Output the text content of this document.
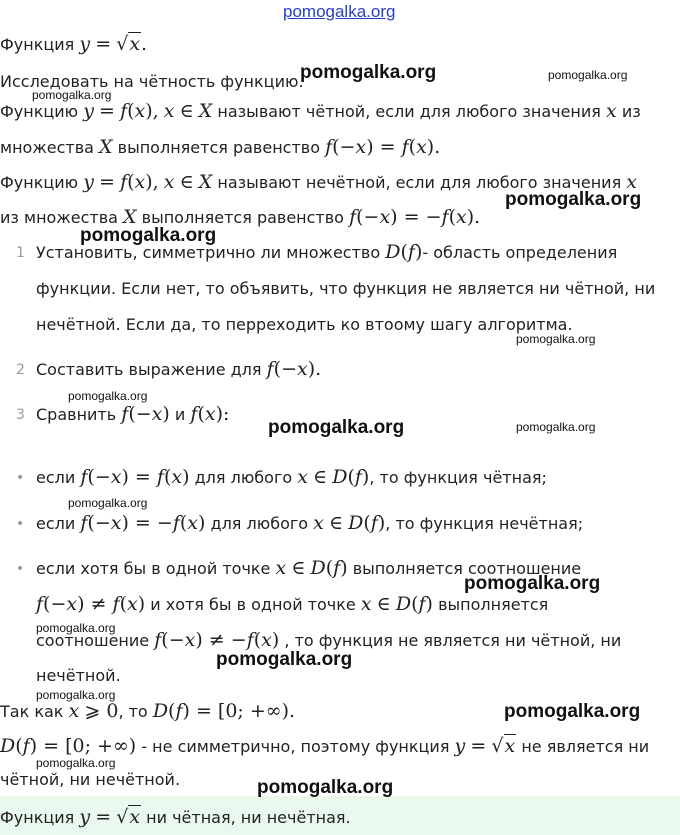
pomogalka.org
Функция y = √x.
Исследовать на чётность функцию.
Функцию y = f(x), x ∈ X называют чётной, если для любого значения x из
множества X выполняется равенство f(−x) = f(x).
Функцию y = f(x), x ∈ X называют нечётной, если для любого значения x
из множества X выполняется равенство f(−x) = −f(x).
1 Установить, симметрично ли множество D(f)- область определения
функции. Если нет, то объявить, что функция не является ни чётной, ни
нечётной. Если да, то перреходить ко втоому шагу алгоритма.
2 Составить выражение для f(−x).
3 Сравнить f(−x) и f(x):
• если f(−x) = f(x) для любого x ∈ D(f), то функция чётная;
• если f(−x) = −f(x) для любого x ∈ D(f), то функция нечётная;
• если хотя бы в одной точке x ∈ D(f) выполняется соотношение
f(−x) ≠ f(x) и хотя бы в одной точке x ∈ D(f) выполняется
соотношение f(−x) ≠ −f(x) , то функция не является ни чётной, ни
нечётной.
Так как x ⩾ 0, то D(f) = [0; +∞).
D(f) = [0; +∞) - не симметрично, поэтому функция y = √x не является ни
чётной, ни нечётной.
Функция y = √x ни чётная, ни нечётная.
pomogalka.org
pomogalka.org
pomogalka.org
pomogalka.org
pomogalka.org
pomogalka.org
pomogalka.org
pomogalka.org
pomogalka.org
pomogalka.org
pomogalka.org
pomogalka.org
pomogalka.org
pomogalka.org
pomogalka.org
pomogalka.org
pomogalka.org
